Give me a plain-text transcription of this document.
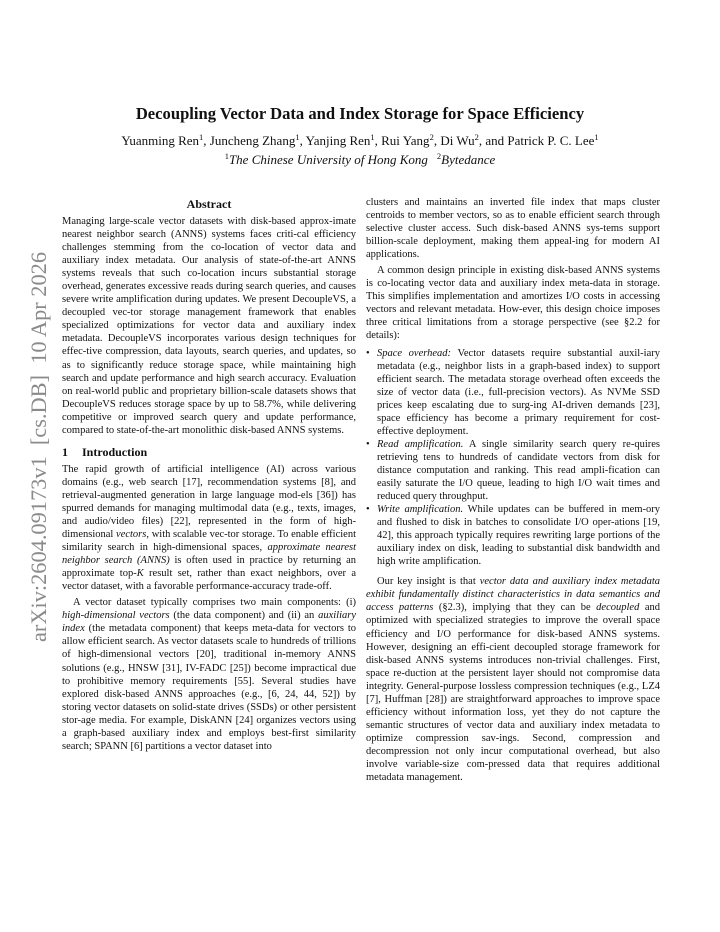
arXiv:2604.09173v1  [cs.DB]  10 Apr 2026
Decoupling Vector Data and Index Storage for Space Efficiency
Yuanming Ren$^1$, Juncheng Zhang$^1$, Yanjing Ren$^1$, Rui Yang$^2$, Di Wu$^2$, and Patrick P. C. Lee$^1$
$^1$The Chinese University of Hong Kong $^2$Bytedance
Abstract

Managing large-scale vector datasets with disk-based approx-imate nearest neighbor search (ANNS) systems faces criti-cal efficiency challenges stemming from the co-location of vector data and auxiliary index metadata. Our analysis of state-of-the-art ANNS systems reveals that such co-location incurs substantial storage overhead, generates excessive reads during search queries, and causes severe write amplification during updates. We present DecoupleVS, a decoupled vec-tor storage management framework that enables specialized optimizations for vector data and auxiliary index metadata. DecoupleVS incorporates various design techniques for effec-tive compression, data layouts, search queries, and updates, so as to significantly reduce storage space, while maintaining high search and update performance and high search accuracy. Evaluation on real-world public and proprietary billion-scale datasets shows that DecoupleVS reduces storage space by up to 58.7%, while delivering competitive or improved search query and update performance, compared to state-of-the-art monolithic disk-based ANNS systems.

1 Introduction

The rapid growth of artificial intelligence (AI) across various domains (e.g., web search [17], recommendation systems [8], and retrieval-augmented generation in large language mod-els [36]) has spurred demands for managing multimodal data (e.g., texts, images, and audio/video files) [22], represented in the form of high-dimensional vectors, with scalable vec-tor storage. To enable efficient similarity search in high-dimensional spaces, approximate nearest neighbor search (ANNS) is often used in practice by returning an approximate top-K result set, rather than exact neighbors, over a vector dataset, with a favorable performance-accuracy trade-off.

A vector dataset typically comprises two main components: (i) high-dimensional vectors (the data component) and (ii) an auxiliary index (the metadata component) that keeps meta-data for vectors to allow efficient search. As vector datasets scale to hundreds of trillions of high-dimensional vectors [20], traditional in-memory ANNS solutions (e.g., HNSW [31], IV-FADC [25]) become impractical due to prohibitive memory requirements [55]. Several studies have explored disk-based ANNS approaches (e.g., [6, 24, 44, 52]) by storing vector datasets on solid-state drives (SSDs) or other persistent stor-age media. For example, DiskANN [24] organizes vectors using a graph-based auxiliary index and employs best-first similarity search; SPANN [6] partitions a vector dataset into

clusters and maintains an inverted file index that maps cluster centroids to member vectors, so as to enable efficient search through selective cluster access. Such disk-based ANNS sys-tems support billion-scale deployment, making them appeal-ing for modern AI applications.

A common design principle in existing disk-based ANNS systems is co-locating vector data and auxiliary index meta-data in storage. This simplifies implementation and amortizes I/O costs in accessing vectors and relevant metadata. How-ever, this design choice imposes three critical limitations from a storage perspective (see §2.2 for details):

• Space overhead: Vector datasets require substantial auxil-iary metadata (e.g., neighbor lists in a graph-based index) to support efficient search. The metadata storage overhead often exceeds the size of vector data (i.e., full-precision vectors). As NVMe SSD prices keep escalating due to surg-ing AI-driven demands [23], space efficiency has become a primary requirement for cost-effective deployment.
• Read amplification. A single similarity search query re-quires retrieving tens to hundreds of candidate vectors from disk for distance computation and ranking. This read ampli-fication can easily saturate the I/O queue, leading to high I/O wait times and reduced query throughput.
• Write amplification. While updates can be buffered in mem-ory and flushed to disk in batches to consolidate I/O oper-ations [19, 42], this approach typically requires rewriting large portions of the auxiliary index on disk, leading to substantial disk bandwidth and high write amplification.

Our key insight is that vector data and auxiliary index metadata exhibit fundamentally distinct characteristics in data semantics and access patterns (§2.3), implying that they can be decoupled and optimized with specialized strategies to improve the overall space efficiency and I/O performance for disk-based ANNS systems. However, designing an effi-cient decoupled storage framework for disk-based ANNS systems introduces non-trivial challenges. First, space re-duction at the persistent layer should not compromise data integrity. General-purpose lossless compression techniques (e.g., LZ4 [7], Huffman [28]) are straightforward approaches to improve space efficiency without information loss, yet they do not capture the semantic structures of vector data and auxiliary index metadata to optimize compression sav-ings. Second, compression and decompression not only incur computational overhead, but also involve variable-size com-pressed data that requires additional metadata management.
